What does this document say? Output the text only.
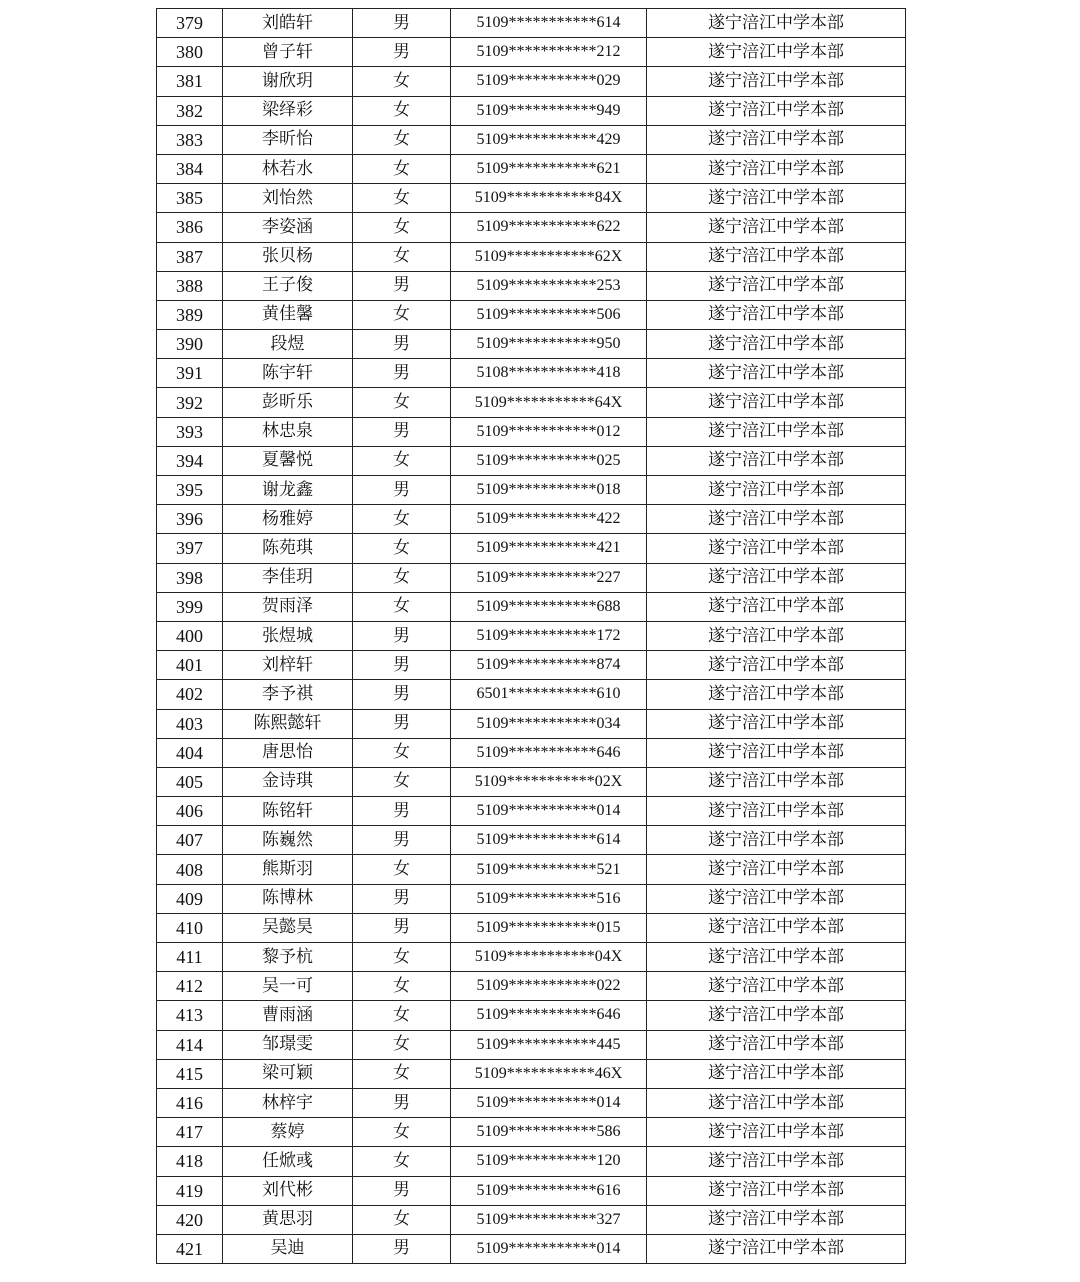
379	刘皓轩	男	5109***********614	遂宁涪江中学本部
380	曾子轩	男	5109***********212	遂宁涪江中学本部
381	谢欣玥	女	5109***********029	遂宁涪江中学本部
382	梁绎彩	女	5109***********949	遂宁涪江中学本部
383	李昕怡	女	5109***********429	遂宁涪江中学本部
384	林若水	女	5109***********621	遂宁涪江中学本部
385	刘怡然	女	5109***********84X	遂宁涪江中学本部
386	李姿涵	女	5109***********622	遂宁涪江中学本部
387	张贝杨	女	5109***********62X	遂宁涪江中学本部
388	王子俊	男	5109***********253	遂宁涪江中学本部
389	黄佳馨	女	5109***********506	遂宁涪江中学本部
390	段煜	男	5109***********950	遂宁涪江中学本部
391	陈宇轩	男	5108***********418	遂宁涪江中学本部
392	彭昕乐	女	5109***********64X	遂宁涪江中学本部
393	林忠泉	男	5109***********012	遂宁涪江中学本部
394	夏馨悦	女	5109***********025	遂宁涪江中学本部
395	谢龙鑫	男	5109***********018	遂宁涪江中学本部
396	杨雅婷	女	5109***********422	遂宁涪江中学本部
397	陈苑琪	女	5109***********421	遂宁涪江中学本部
398	李佳玥	女	5109***********227	遂宁涪江中学本部
399	贺雨泽	女	5109***********688	遂宁涪江中学本部
400	张煜城	男	5109***********172	遂宁涪江中学本部
401	刘梓轩	男	5109***********874	遂宁涪江中学本部
402	李予祺	男	6501***********610	遂宁涪江中学本部
403	陈熙懿轩	男	5109***********034	遂宁涪江中学本部
404	唐思怡	女	5109***********646	遂宁涪江中学本部
405	金诗琪	女	5109***********02X	遂宁涪江中学本部
406	陈铭轩	男	5109***********014	遂宁涪江中学本部
407	陈巍然	男	5109***********614	遂宁涪江中学本部
408	熊斯羽	女	5109***********521	遂宁涪江中学本部
409	陈博林	男	5109***********516	遂宁涪江中学本部
410	吴懿昊	男	5109***********015	遂宁涪江中学本部
411	黎予杭	女	5109***********04X	遂宁涪江中学本部
412	吴一可	女	5109***********022	遂宁涪江中学本部
413	曹雨涵	女	5109***********646	遂宁涪江中学本部
414	邹璟雯	女	5109***********445	遂宁涪江中学本部
415	梁可颖	女	5109***********46X	遂宁涪江中学本部
416	林梓宇	男	5109***********014	遂宁涪江中学本部
417	蔡婷	女	5109***********586	遂宁涪江中学本部
418	任焮彧	女	5109***********120	遂宁涪江中学本部
419	刘代彬	男	5109***********616	遂宁涪江中学本部
420	黄思羽	女	5109***********327	遂宁涪江中学本部
421	吴迪	男	5109***********014	遂宁涪江中学本部
